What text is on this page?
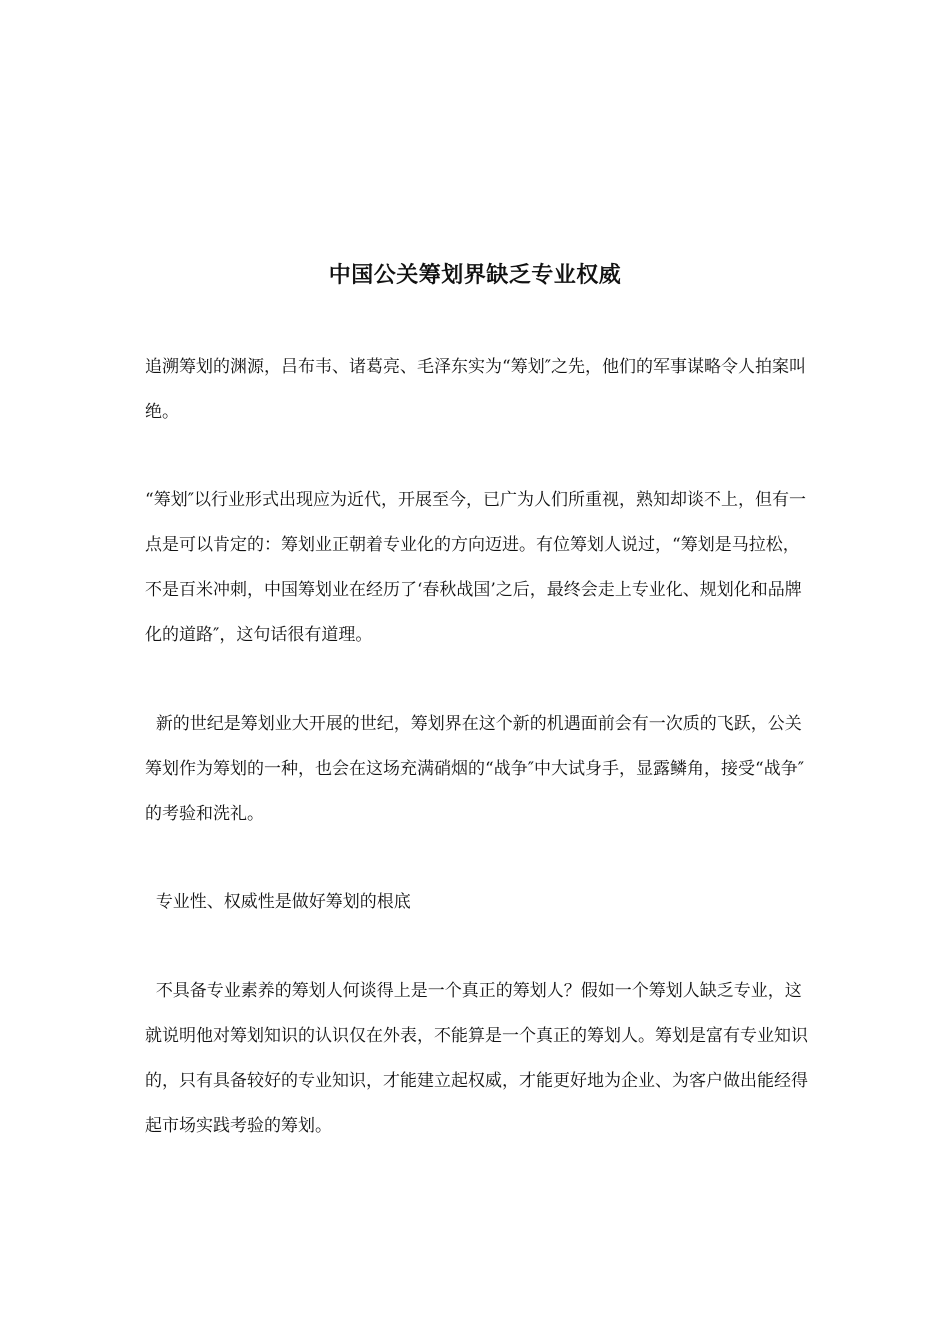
中国公关筹划界缺乏专业权威

追溯筹划的渊源，吕布韦、诸葛亮、毛泽东实为“筹划″之先，他们的军事谋略令人拍案叫绝。

“筹划″以行业形式出现应为近代，开展至今，已广为人们所重视，熟知却谈不上，但有一点是可以肯定的：筹划业正朝着专业化的方向迈进。有位筹划人说过，“筹划是马拉松，不是百米冲刺，中国筹划业在经历了‘春秋战国’之后，最终会走上专业化、规划化和品牌化的道路″，这句话很有道理。

新的世纪是筹划业大开展的世纪，筹划界在这个新的机遇面前会有一次质的飞跃，公关筹划作为筹划的一种，也会在这场充满硝烟的“战争″中大试身手，显露鳞角，接受“战争″的考验和洗礼。

专业性、权威性是做好筹划的根底

不具备专业素养的筹划人何谈得上是一个真正的筹划人？假如一个筹划人缺乏专业，这就说明他对筹划知识的认识仅在外表，不能算是一个真正的筹划人。筹划是富有专业知识的，只有具备较好的专业知识，才能建立起权威，才能更好地为企业、为客户做出能经得起市场实践考验的筹划。
